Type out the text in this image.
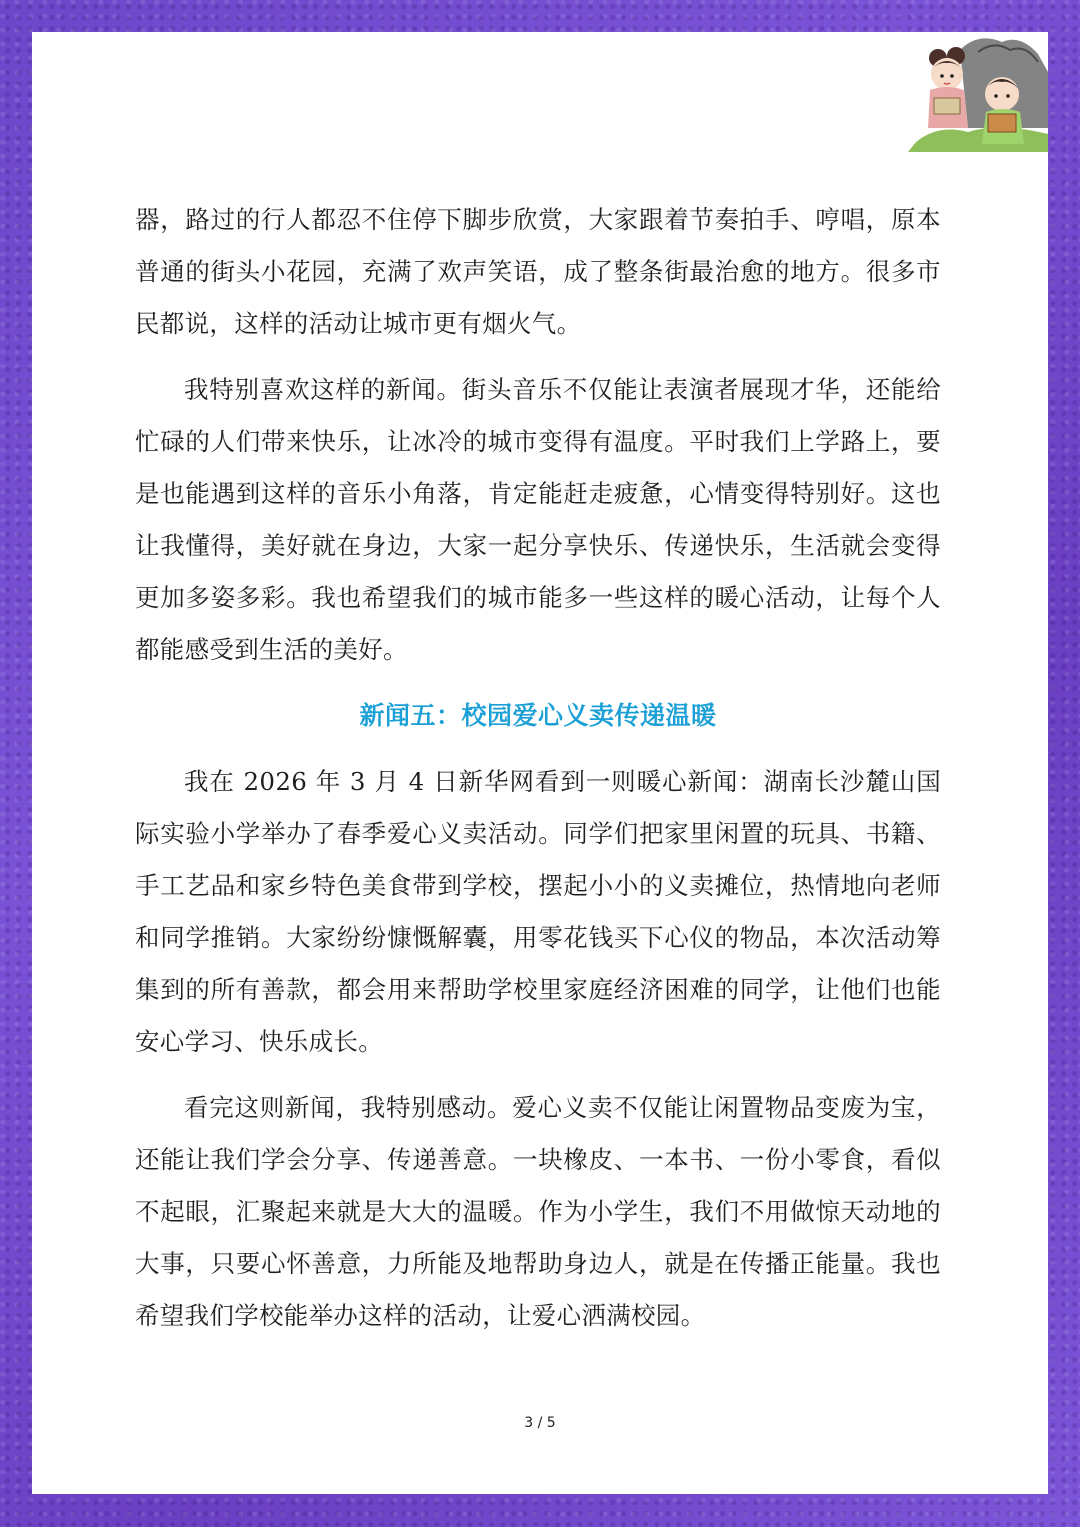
器，路过的行人都忍不住停下脚步欣赏，大家跟着节奏拍手、哼唱，原本普通的街头小花园，充满了欢声笑语，成了整条街最治愈的地方。很多市民都说，这样的活动让城市更有烟火气。

我特别喜欢这样的新闻。街头音乐不仅能让表演者展现才华，还能给忙碌的人们带来快乐，让冰冷的城市变得有温度。平时我们上学路上，要是也能遇到这样的音乐小角落，肯定能赶走疲惫，心情变得特别好。这也让我懂得，美好就在身边，大家一起分享快乐、传递快乐，生活就会变得更加多姿多彩。我也希望我们的城市能多一些这样的暖心活动，让每个人都能感受到生活的美好。

新闻五：校园爱心义卖传递温暖

我在 2026 年 3 月 4 日新华网看到一则暖心新闻：湖南长沙麓山国际实验小学举办了春季爱心义卖活动。同学们把家里闲置的玩具、书籍、手工艺品和家乡特色美食带到学校，摆起小小的义卖摊位，热情地向老师和同学推销。大家纷纷慷慨解囊，用零花钱买下心仪的物品，本次活动筹集到的所有善款，都会用来帮助学校里家庭经济困难的同学，让他们也能安心学习、快乐成长。

看完这则新闻，我特别感动。爱心义卖不仅能让闲置物品变废为宝，还能让我们学会分享、传递善意。一块橡皮、一本书、一份小零食，看似不起眼，汇聚起来就是大大的温暖。作为小学生，我们不用做惊天动地的大事，只要心怀善意，力所能及地帮助身边人，就是在传播正能量。我也希望我们学校能举办这样的活动，让爱心洒满校园。

3 / 5
